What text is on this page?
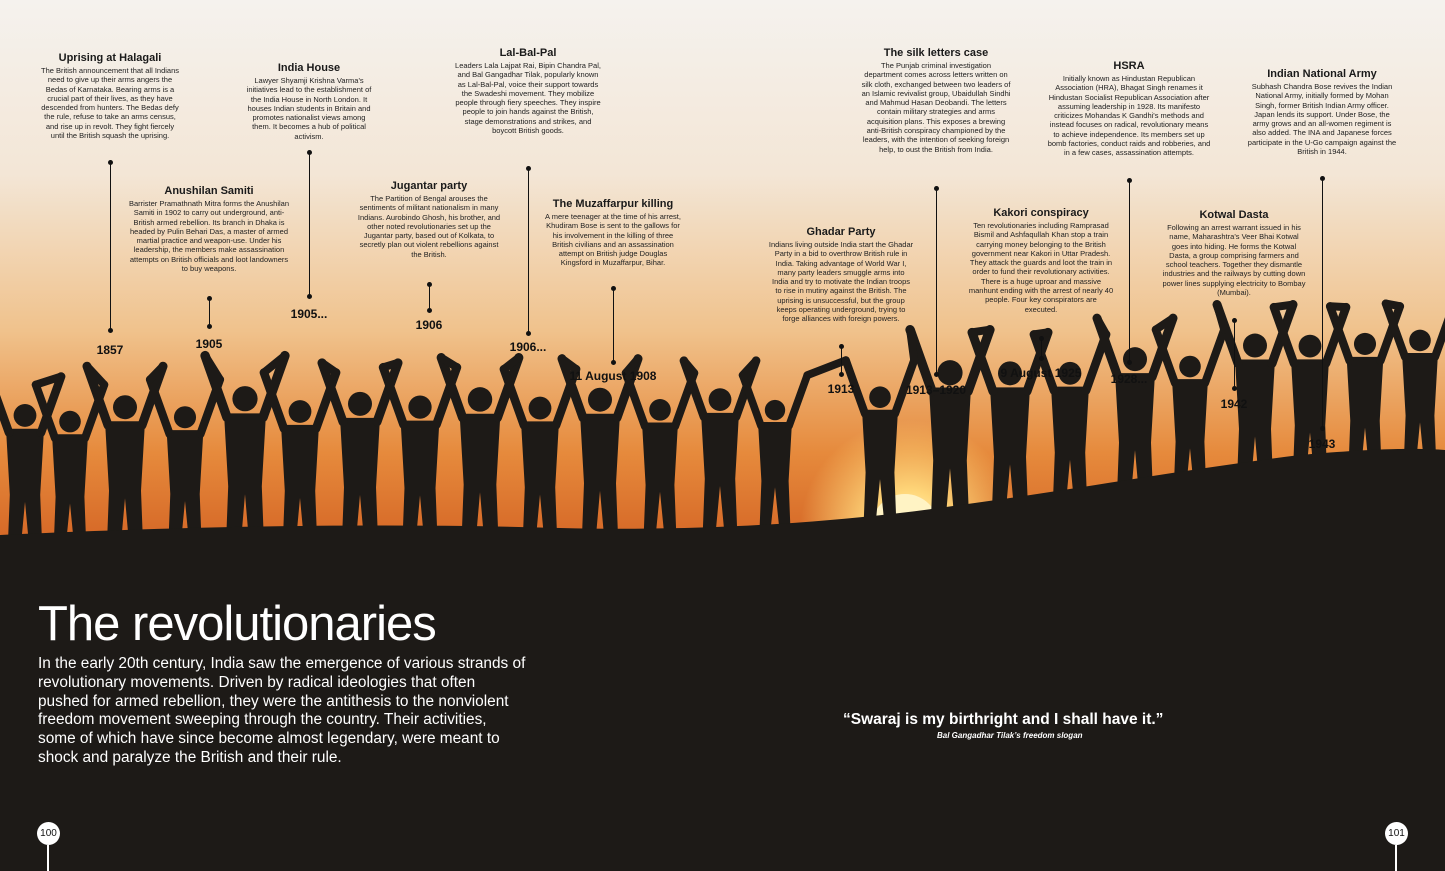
Uprising at Halagali
The British announcement that all Indians need to give up their arms angers the Bedas of Karnataka. Bearing arms is a crucial part of their lives, as they have descended from hunters. The Bedas defy the rule, refuse to take an arms census, and rise up in revolt. They fight fiercely until the British squash the uprising.
1857
Anushilan Samiti
Barrister Pramathnath Mitra forms the Anushilan Samiti in 1902 to carry out underground, anti-British armed rebellion. Its branch in Dhaka is headed by Pulin Behari Das, a master of armed martial practice and weapon-use. Under his leadership, the members make assassination attempts on British officials and loot landowners to buy weapons.
1905
India House
Lawyer Shyamji Krishna Varma's initiatives lead to the establishment of the India House in North London. It houses Indian students in Britain and promotes nationalist views among them. It becomes a hub of political activism.
1905...
Jugantar party
The Partition of Bengal arouses the sentiments of militant nationalism in many Indians. Aurobindo Ghosh, his brother, and other noted revolutionaries set up the Jugantar party, based out of Kolkata, to secretly plan out violent rebellions against the British.
1906
Lal-Bal-Pal
Leaders Lala Lajpat Rai, Bipin Chandra Pal, and Bal Gangadhar Tilak, popularly known as Lal-Bal-Pal, voice their support towards the Swadeshi movement. They mobilize people through fiery speeches. They inspire people to join hands against the British, stage demonstrations and strikes, and boycott British goods.
1906...
The Muzaffarpur killing
A mere teenager at the time of his arrest, Khudiram Bose is sent to the gallows for his involvement in the killing of three British civilians and an assassination attempt on British judge Douglas Kingsford in Muzaffarpur, Bihar.
11 August 1908
Ghadar Party
Indians living outside India start the Ghadar Party in a bid to overthrow British rule in India. Taking advantage of World War I, many party leaders smuggle arms into India and try to motivate the Indian troops to rise in mutiny against the British. The uprising is unsuccessful, but the group keeps operating underground, trying to forge alliances with foreign powers.
1913
The silk letters case
The Punjab criminal investigation department comes across letters written on silk cloth, exchanged between two leaders of an Islamic revivalist group, Ubaidullah Sindhi and Mahmud Hasan Deobandi. The letters contain military strategies and arms acquisition plans. This exposes a brewing anti-British conspiracy championed by the leaders, with the intention of seeking foreign help, to oust the British from India.
1913–1920
Kakori conspiracy
Ten revolutionaries including Ramprasad Bismil and Ashfaqullah Khan stop a train carrying money belonging to the British government near Kakori in Uttar Pradesh. They attack the guards and loot the train in order to fund their revolutionary activities. There is a huge uproar and massive manhunt ending with the arrest of nearly 40 people. Four key conspirators are executed.
9 August 1925
HSRA
Initially known as Hindustan Republican Association (HRA), Bhagat Singh renames it Hindustan Socialist Republican Association after assuming leadership in 1928. Its manifesto criticizes Mohandas K Gandhi's methods and instead focuses on radical, revolutionary means to achieve independence. Its members set up bomb factories, conduct raids and robberies, and in a few cases, assassination attempts.
1928...
Kotwal Dasta
Following an arrest warrant issued in his name, Maharashtra's Veer Bhai Kotwal goes into hiding. He forms the Kotwal Dasta, a group comprising farmers and school teachers. Together they dismantle industries and the railways by cutting down power lines supplying electricity to Bombay (Mumbai).
1942
Indian National Army
Subhash Chandra Bose revives the Indian National Army, initially formed by Mohan Singh, former British Indian Army officer. Japan lends its support. Under Bose, the army grows and an all-women regiment is also added. The INA and Japanese forces participate in the U-Go campaign against the British in 1944.
1943
The revolutionaries
In the early 20th century, India saw the emergence of various strands of revolutionary movements. Driven by radical ideologies that often pushed for armed rebellion, they were the antithesis to the nonviolent freedom movement sweeping through the country. Their activities, some of which have since become almost legendary, were meant to shock and paralyze the British and their rule.
“Swaraj is my birthright and I shall have it.”
Bal Gangadhar Tilak’s freedom slogan
100	101
